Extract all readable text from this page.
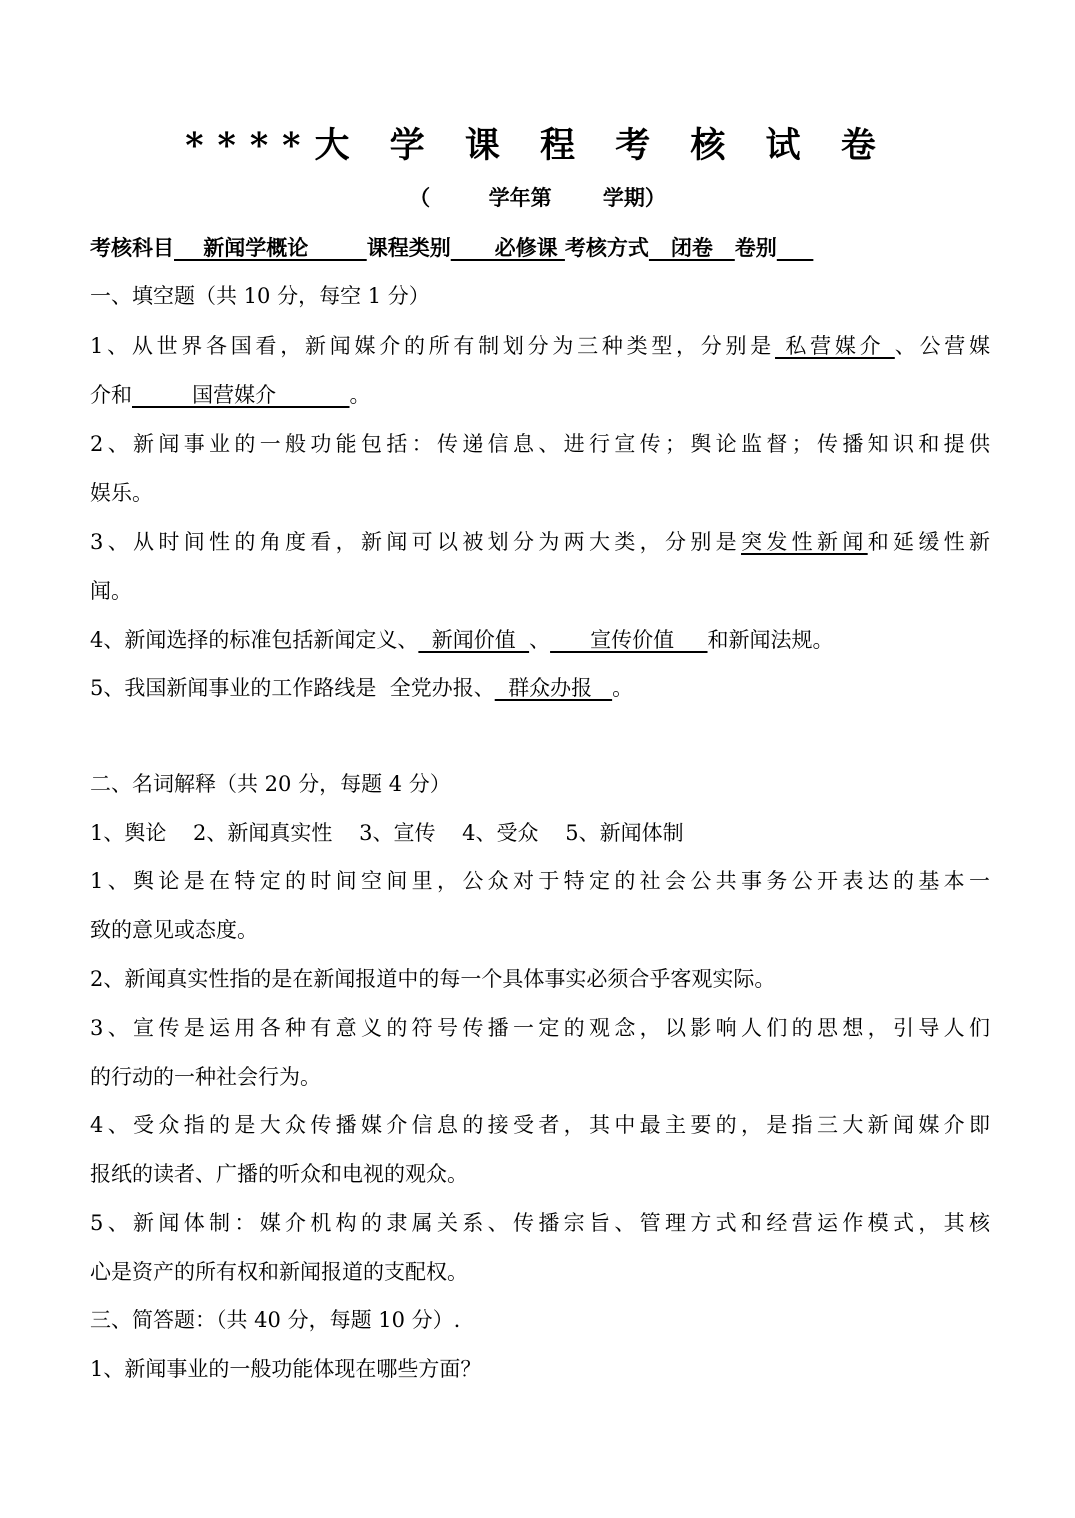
****大 学 课 程 考 核 试 卷
（        学年第       学期）
考核科目    新闻学概论        课程类别      必修课 考核方式   闭卷   卷别
一、填空题（共 10 分，每空 1 分）
1、从世界各国看，新闻媒介的所有制划分为三种类型，分别是 私营媒介 、公营媒
介和         国营媒介           。
2、新闻事业的一般功能包括：传递信息、进行宣传；舆论监督；传播知识和提供
娱乐。
3、从时间性的角度看，新闻可以被划分为两大类，分别是突发性新闻和延缓性新
闻。
4、新闻选择的标准包括新闻定义、  新闻价值  、      宣传价值     和新闻法规。
5、我国新闻事业的工作路线是  全党办报、  群众办报   。
二、名词解释（共 20 分，每题 4 分）
1、舆论    2、新闻真实性    3、宣传    4、受众    5、新闻体制
1、舆论是在特定的时间空间里，公众对于特定的社会公共事务公开表达的基本一
致的意见或态度。
2、新闻真实性指的是在新闻报道中的每一个具体事实必须合乎客观实际。
3、宣传是运用各种有意义的符号传播一定的观念，以影响人们的思想，引导人们
的行动的一种社会行为。
4、受众指的是大众传播媒介信息的接受者，其中最主要的，是指三大新闻媒介即
报纸的读者、广播的听众和电视的观众。
5、新闻体制：媒介机构的隶属关系、传播宗旨、管理方式和经营运作模式，其核
心是资产的所有权和新闻报道的支配权。
三、简答题：（共 40 分，每题 10 分）.
1、新闻事业的一般功能体现在哪些方面？
